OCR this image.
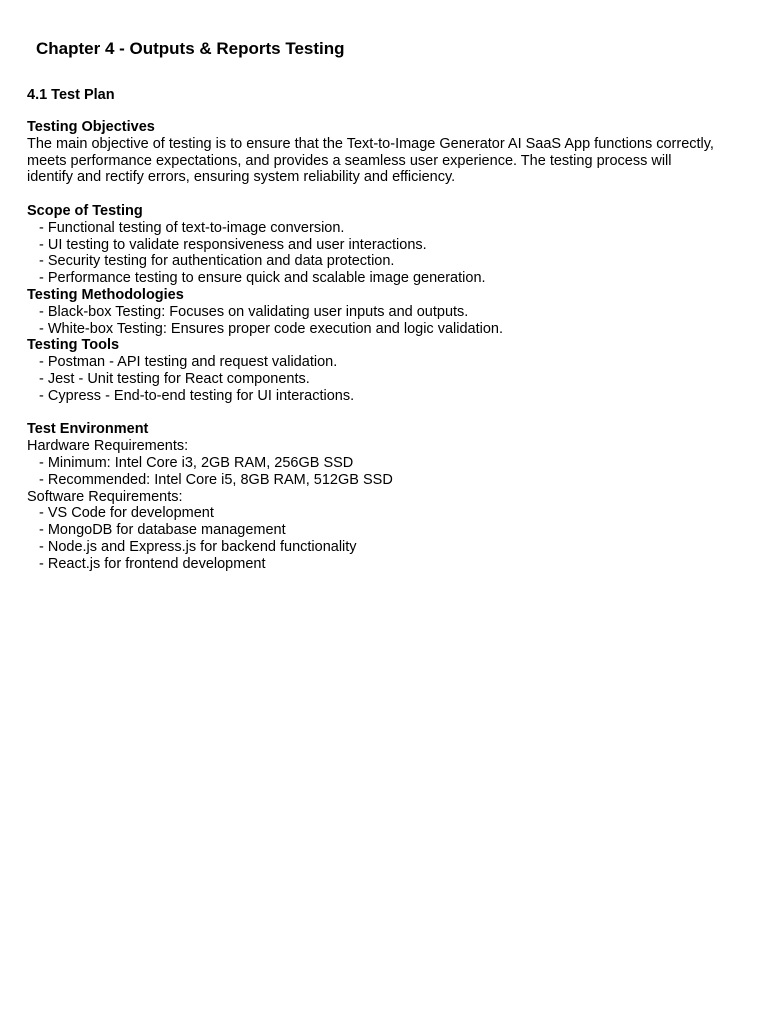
Chapter 4 - Outputs & Reports Testing
4.1 Test Plan
Testing Objectives
The main objective of testing is to ensure that the Text-to-Image Generator AI SaaS App functions correctly,
meets performance expectations, and provides a seamless user experience. The testing process will
identify and rectify errors, ensuring system reliability and efficiency.
Scope of Testing
- Functional testing of text-to-image conversion.
- UI testing to validate responsiveness and user interactions.
- Security testing for authentication and data protection.
- Performance testing to ensure quick and scalable image generation.
Testing Methodologies
- Black-box Testing: Focuses on validating user inputs and outputs.
- White-box Testing: Ensures proper code execution and logic validation.
Testing Tools
- Postman - API testing and request validation.
- Jest - Unit testing for React components.
- Cypress - End-to-end testing for UI interactions.
Test Environment
Hardware Requirements:
- Minimum: Intel Core i3, 2GB RAM, 256GB SSD
- Recommended: Intel Core i5, 8GB RAM, 512GB SSD
Software Requirements:
- VS Code for development
- MongoDB for database management
- Node.js and Express.js for backend functionality
- React.js for frontend development
